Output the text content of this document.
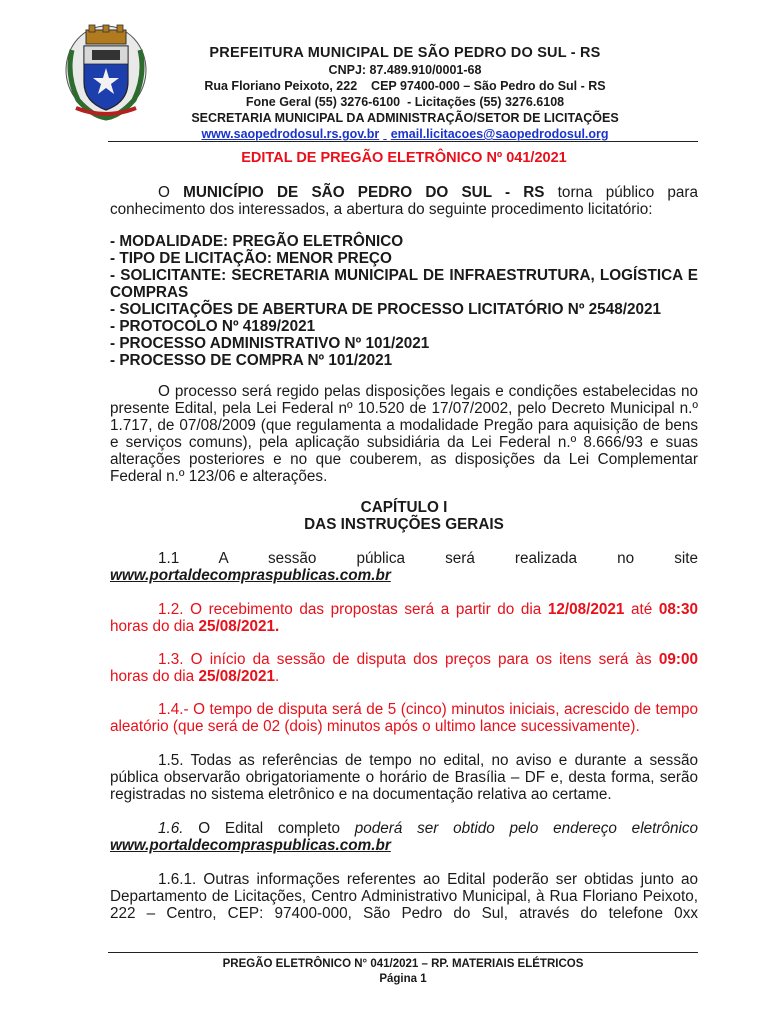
PREFEITURA MUNICIPAL DE SÃO PEDRO DO SUL - RS
CNPJ: 87.489.910/0001-68
Rua Floriano Peixoto, 222    CEP 97400-000 – São Pedro do Sul - RS
Fone Geral (55) 3276-6100  - Licitações (55) 3276.6108
SECRETARIA MUNICIPAL DA ADMINISTRAÇÃO/SETOR DE LICITAÇÕES
www.saopedrodosul.rs.gov.br email.licitacoes@saopedrodosul.org
EDITAL DE PREGÃO ELETRÔNICO Nº 041/2021
O MUNICÍPIO DE SÃO PEDRO DO SUL - RS torna público para conhecimento dos interessados, a abertura do seguinte procedimento licitatório:
- MODALIDADE: PREGÃO ELETRÔNICO
- TIPO DE LICITAÇÃO: MENOR PREÇO
- SOLICITANTE: SECRETARIA MUNICIPAL DE INFRAESTRUTURA, LOGÍSTICA E COMPRAS
- SOLICITAÇÕES DE ABERTURA DE PROCESSO LICITATÓRIO Nº 2548/2021
- PROTOCOLO Nº 4189/2021
- PROCESSO ADMINISTRATIVO Nº 101/2021
- PROCESSO DE COMPRA Nº 101/2021
O processo será regido pelas disposições legais e condições estabelecidas no presente Edital, pela Lei Federal nº 10.520 de 17/07/2002, pelo Decreto Municipal n.º 1.717, de 07/08/2009 (que regulamenta a modalidade Pregão para aquisição de bens e serviços comuns), pela aplicação subsidiária da Lei Federal n.º 8.666/93 e suas alterações posteriores e no que couberem, as disposições da Lei Complementar Federal n.º 123/06 e alterações.
CAPÍTULO I
DAS INSTRUÇÕES GERAIS
1.1 A sessão pública será realizada no site
www.portaldecompraspublicas.com.br
1.2. O recebimento das propostas será a partir do dia 12/08/2021 até 08:30 horas do dia 25/08/2021.
1.3. O início da sessão de disputa dos preços para os itens será às 09:00 horas do dia 25/08/2021.
1.4.- O tempo de disputa será de 5 (cinco) minutos iniciais, acrescido de tempo aleatório (que será de 02 (dois) minutos após o ultimo lance sucessivamente).
1.5. Todas as referências de tempo no edital, no aviso e durante a sessão pública observarão obrigatoriamente o horário de Brasília – DF e, desta forma, serão registradas no sistema eletrônico e na documentação relativa ao certame.
1.6. O Edital completo poderá ser obtido pelo endereço eletrônico
www.portaldecompraspublicas.com.br
1.6.1. Outras informações referentes ao Edital poderão ser obtidas junto ao Departamento de Licitações, Centro Administrativo Municipal, à Rua Floriano Peixoto, 222 – Centro, CEP: 97400-000, São Pedro do Sul, através do telefone 0xx
PREGÃO ELETRÔNICO N° 041/2021 – RP. MATERIAIS ELÉTRICOS
Página 1
